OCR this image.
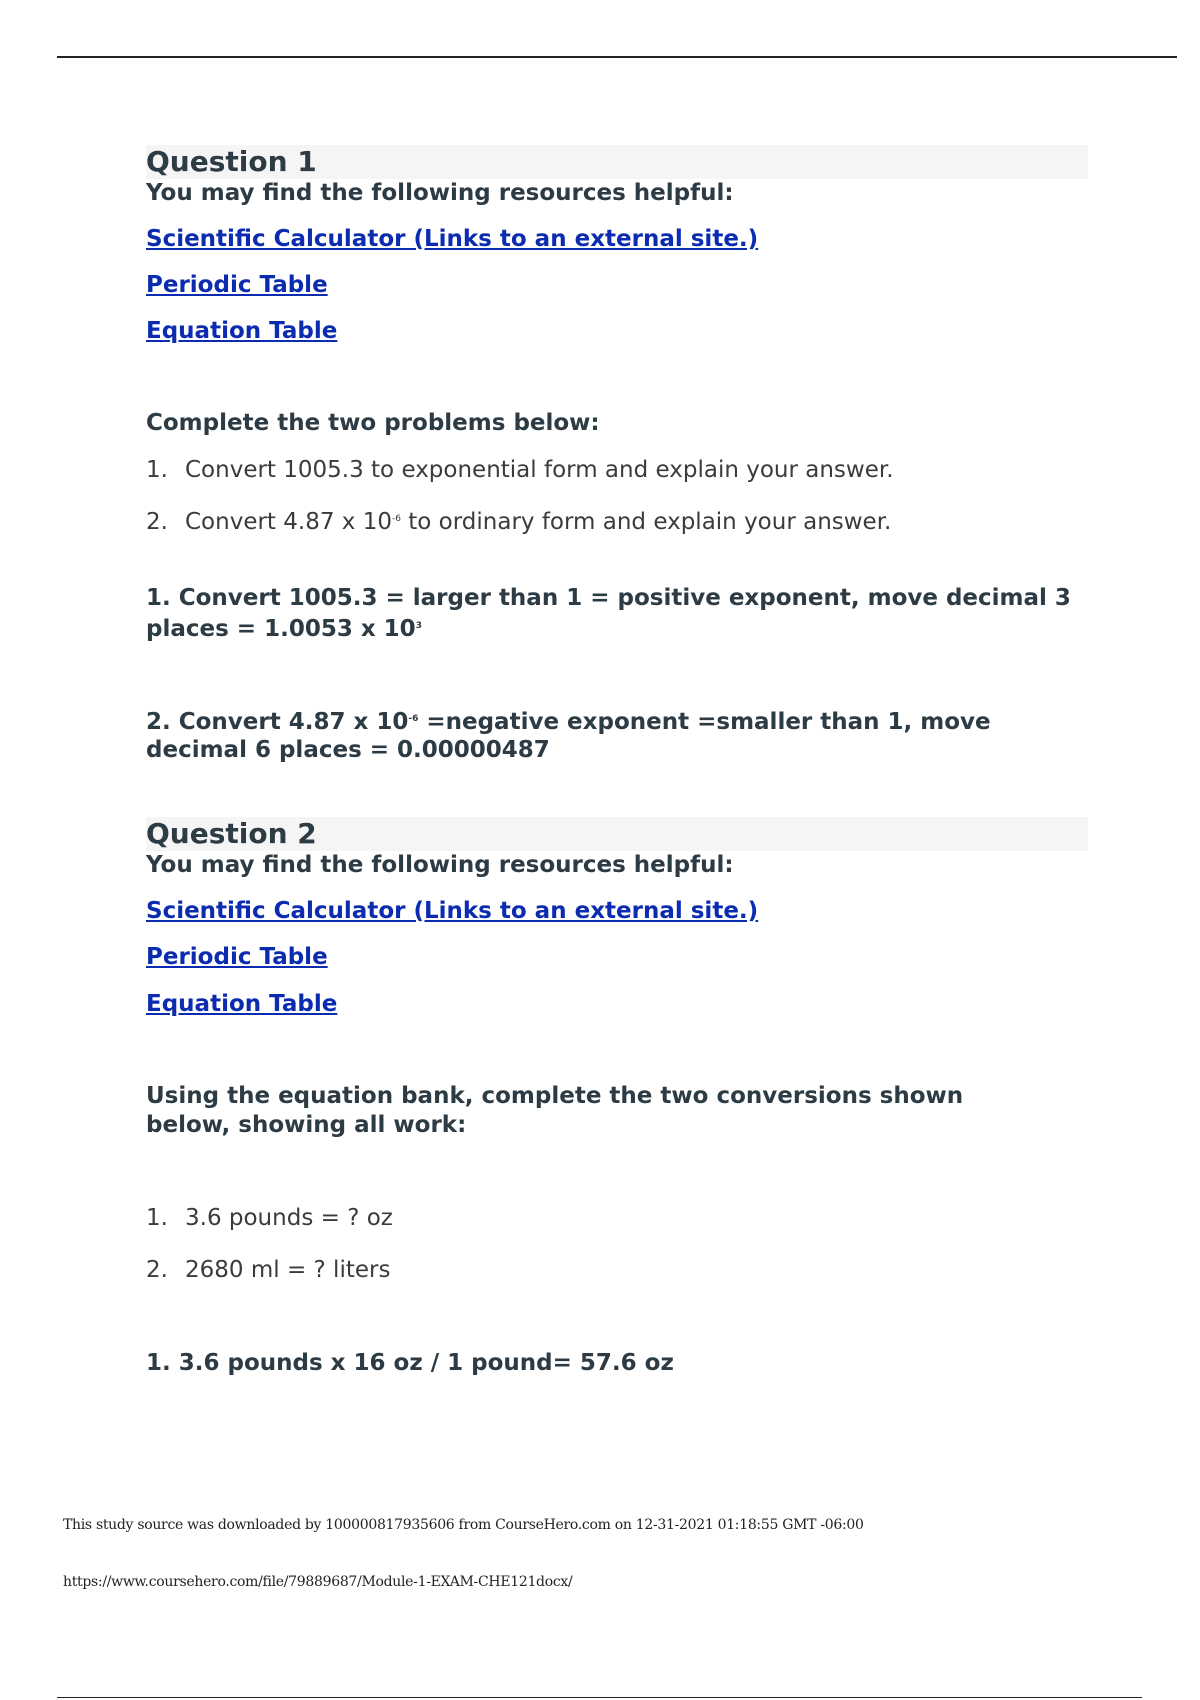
Question 1
You may find the following resources helpful:
Scientific Calculator (Links to an external site.)
Periodic Table
Equation Table
Complete the two problems below:
1. Convert 1005.3 to exponential form and explain your answer.
2. Convert 4.87 x $10^{-6}$ to ordinary form and explain your answer.
1. Convert 1005.3 = larger than 1 = positive exponent, move decimal 3 places = 1.0053 x $10^3$
2. Convert 4.87 x $10^{-6}$ =negative exponent =smaller than 1, move decimal 6 places = 0.00000487
Question 2
You may find the following resources helpful:
Scientific Calculator (Links to an external site.)
Periodic Table
Equation Table
Using the equation bank, complete the two conversions shown below, showing all work:
1. 3.6 pounds = ? oz
2. 2680 ml = ? liters
1. 3.6 pounds x 16 oz / 1 pound= 57.6 oz
This study source was downloaded by 100000817935606 from CourseHero.com on 12-31-2021 01:18:55 GMT -06:00
https://www.coursehero.com/file/79889687/Module-1-EXAM-CHE121docx/
